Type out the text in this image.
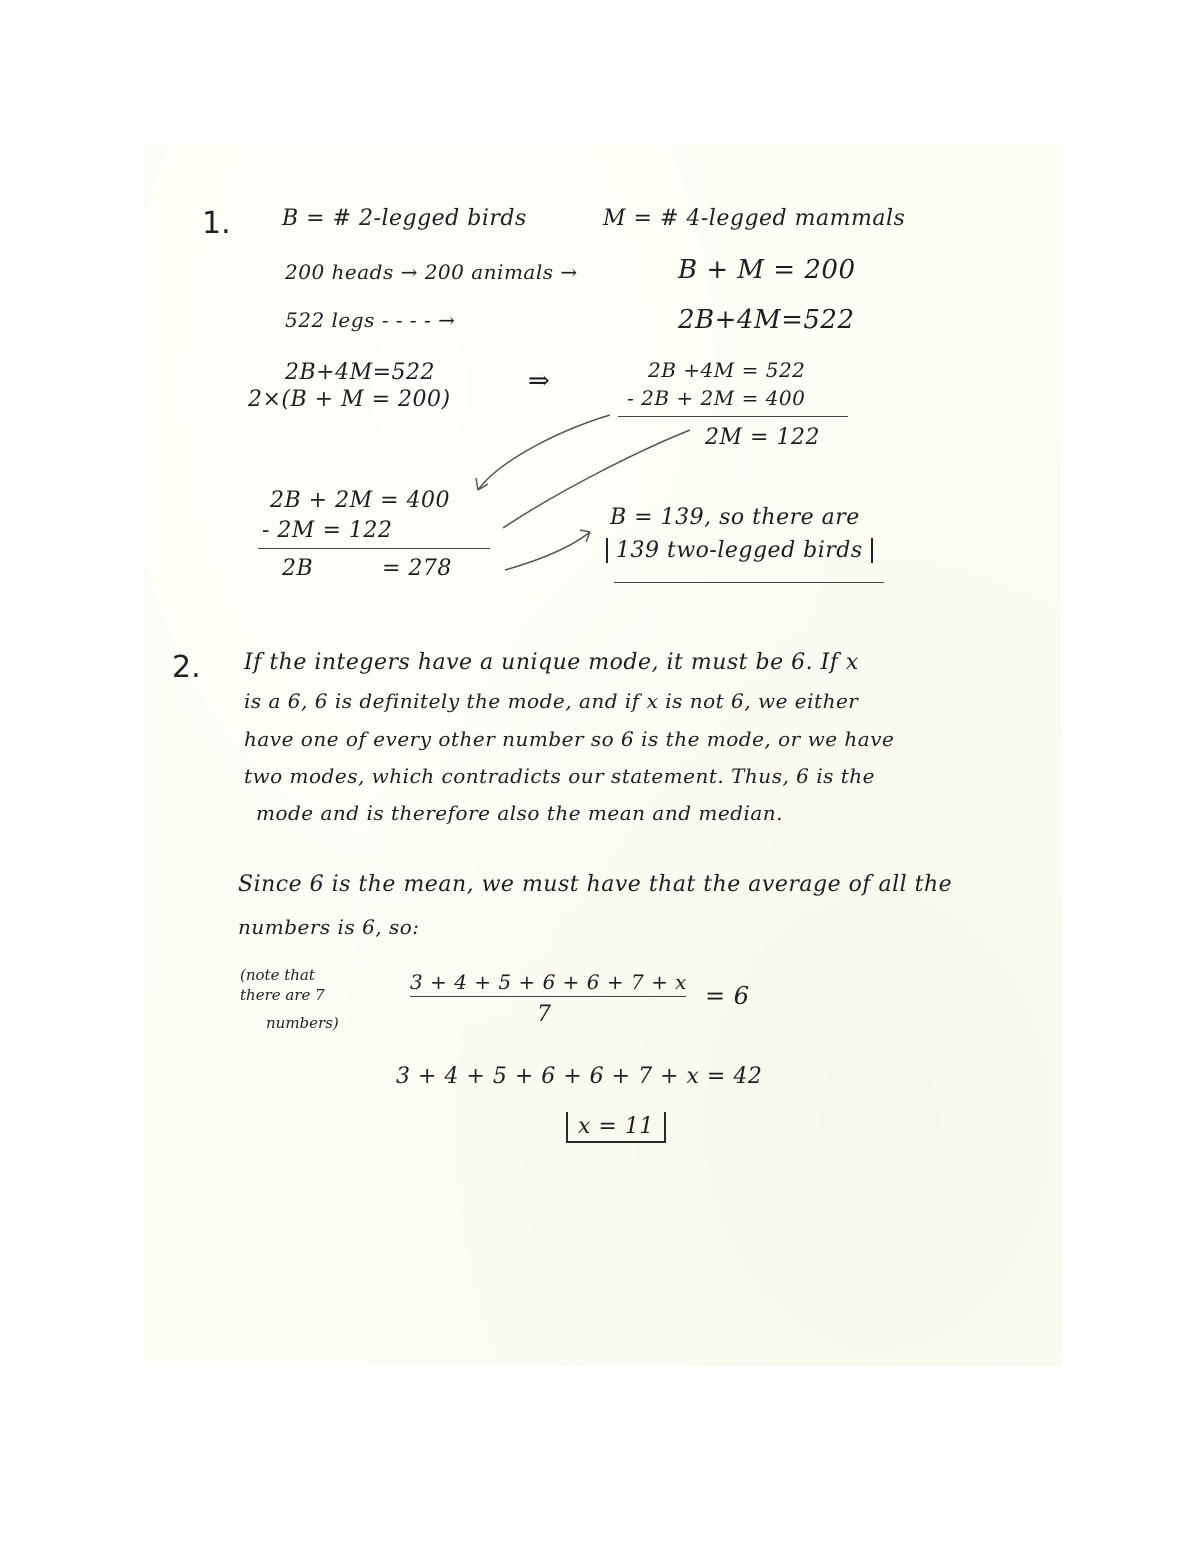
1. B = # 2-legged birds	M = # 4-legged mammals
200 heads → 200 animals →	B + M = 200
522 legs - - - - →	2B+4M=522
2B+4M=522
2×(B + M = 200)
⇒	2B +4M = 522
- 2B + 2M = 400
2M = 122
2B + 2M = 400
- 2M = 122
2B	= 278
B = 139, so there are
139 two-legged birds
2. If the integers have a unique mode, it must be 6. If x
is a 6, 6 is definitely the mode, and if x is not 6, we either
have one of every other number so 6 is the mode, or we have
two modes, which contradicts our statement. Thus, 6 is the
mode and is therefore also the mean and median.
Since 6 is the mean, we must have that the average of all the
numbers is 6, so:
(note that
there are 7
numbers)
3 + 4 + 5 + 6 + 6 + 7 + x
7
= 6
3 + 4 + 5 + 6 + 6 + 7 + x = 42
x = 11
